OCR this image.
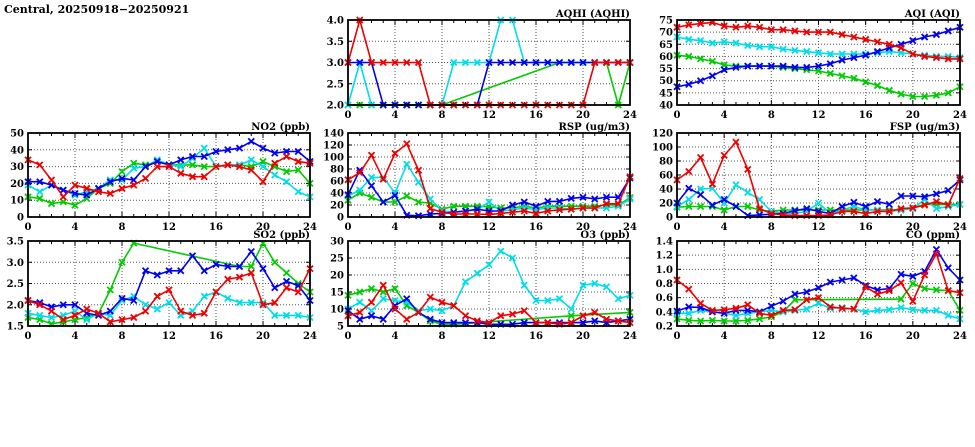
Central, 20250918−20250921
2.0
2.5
3.0
3.5
4.0
0	4	8	12	16	20	24
AQHI (AQHI)
40
45
50
55
60
65
70
75
0	4	8	12	16	20	24
AQI (AQI)
0
10
20
30
40
50
0	4	8	12	16	20	24
NO2 (ppb)
0
20
40
60
80
100
120
140
0	4	8	12	16	20	24
RSP (ug/m3)
0
20
40
60
80
100
120
0	4	8	12	16	20	24
FSP (ug/m3)
1.5
2.0
2.5
3.0
3.5
0	4	8	12	16	20	24
SO2 (ppb)
5
10
15
20
25
30
0	4	8	12	16	20	24
O3 (ppb)
0.2
0.4
0.6
0.8
1.0
1.2
1.4
0	4	8	12	16	20	24
CO (ppm)
